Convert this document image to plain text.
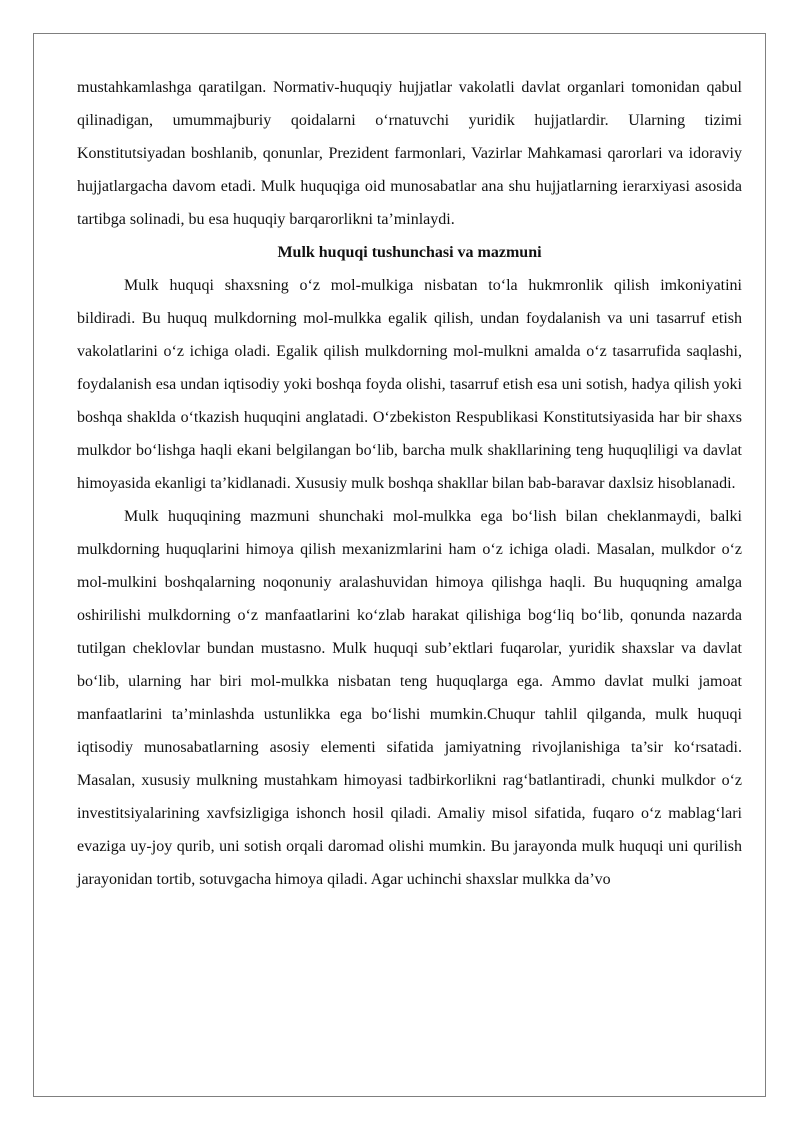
mustahkamlashga qaratilgan. Normativ-huquqiy hujjatlar vakolatli davlat organlari tomonidan qabul qilinadigan, umummajburiy qoidalarni o‘rnatuvchi yuridik hujjatlardir. Ularning tizimi Konstitutsiyadan boshlanib, qonunlar, Prezident farmonlari, Vazirlar Mahkamasi qarorlari va idoraviy hujjatlargacha davom etadi. Mulk huquqiga oid munosabatlar ana shu hujjatlarning ierarxiyasi asosida tartibga solinadi, bu esa huquqiy barqarorlikni ta’minlaydi.

Mulk huquqi tushunchasi va mazmuni

Mulk huquqi shaxsning o‘z mol-mulkiga nisbatan to‘la hukmronlik qilish imkoniyatini bildiradi. Bu huquq mulkdorning mol-mulkka egalik qilish, undan foydalanish va uni tasarruf etish vakolatlarini o‘z ichiga oladi. Egalik qilish mulkdorning mol-mulkni amalda o‘z tasarrufida saqlashi, foydalanish esa undan iqtisodiy yoki boshqa foyda olishi, tasarruf etish esa uni sotish, hadya qilish yoki boshqa shaklda o‘tkazish huquqini anglatadi. O‘zbekiston Respublikasi Konstitutsiyasida har bir shaxs mulkdor bo‘lishga haqli ekani belgilangan bo‘lib, barcha mulk shakllarining teng huquqliligi va davlat himoyasida ekanligi ta’kidlanadi. Xususiy mulk boshqa shakllar bilan bab-baravar daxlsiz hisoblanadi.

Mulk huquqining mazmuni shunchaki mol-mulkka ega bo‘lish bilan cheklanmaydi, balki mulkdorning huquqlarini himoya qilish mexanizmlarini ham o‘z ichiga oladi. Masalan, mulkdor o‘z mol-mulkini boshqalarning noqonuniy aralashuvidan himoya qilishga haqli. Bu huquqning amalga oshirilishi mulkdorning o‘z manfaatlarini ko‘zlab harakat qilishiga bog‘liq bo‘lib, qonunda nazarda tutilgan cheklovlar bundan mustasno. Mulk huquqi sub’ektlari fuqarolar, yuridik shaxslar va davlat bo‘lib, ularning har biri mol-mulkka nisbatan teng huquqlarga ega. Ammo davlat mulki jamoat manfaatlarini ta’minlashda ustunlikka ega bo‘lishi mumkin.Chuqur tahlil qilganda, mulk huquqi iqtisodiy munosabatlarning asosiy elementi sifatida jamiyatning rivojlanishiga ta’sir ko‘rsatadi. Masalan, xususiy mulkning mustahkam himoyasi tadbirkorlikni rag‘batlantiradi, chunki mulkdor o‘z investitsiyalarining xavfsizligiga ishonch hosil qiladi. Amaliy misol sifatida, fuqaro o‘z mablag‘lari evaziga uy-joy qurib, uni sotish orqali daromad olishi mumkin. Bu jarayonda mulk huquqi uni qurilish jarayonidan tortib, sotuvgacha himoya qiladi. Agar uchinchi shaxslar mulkka da’vo
